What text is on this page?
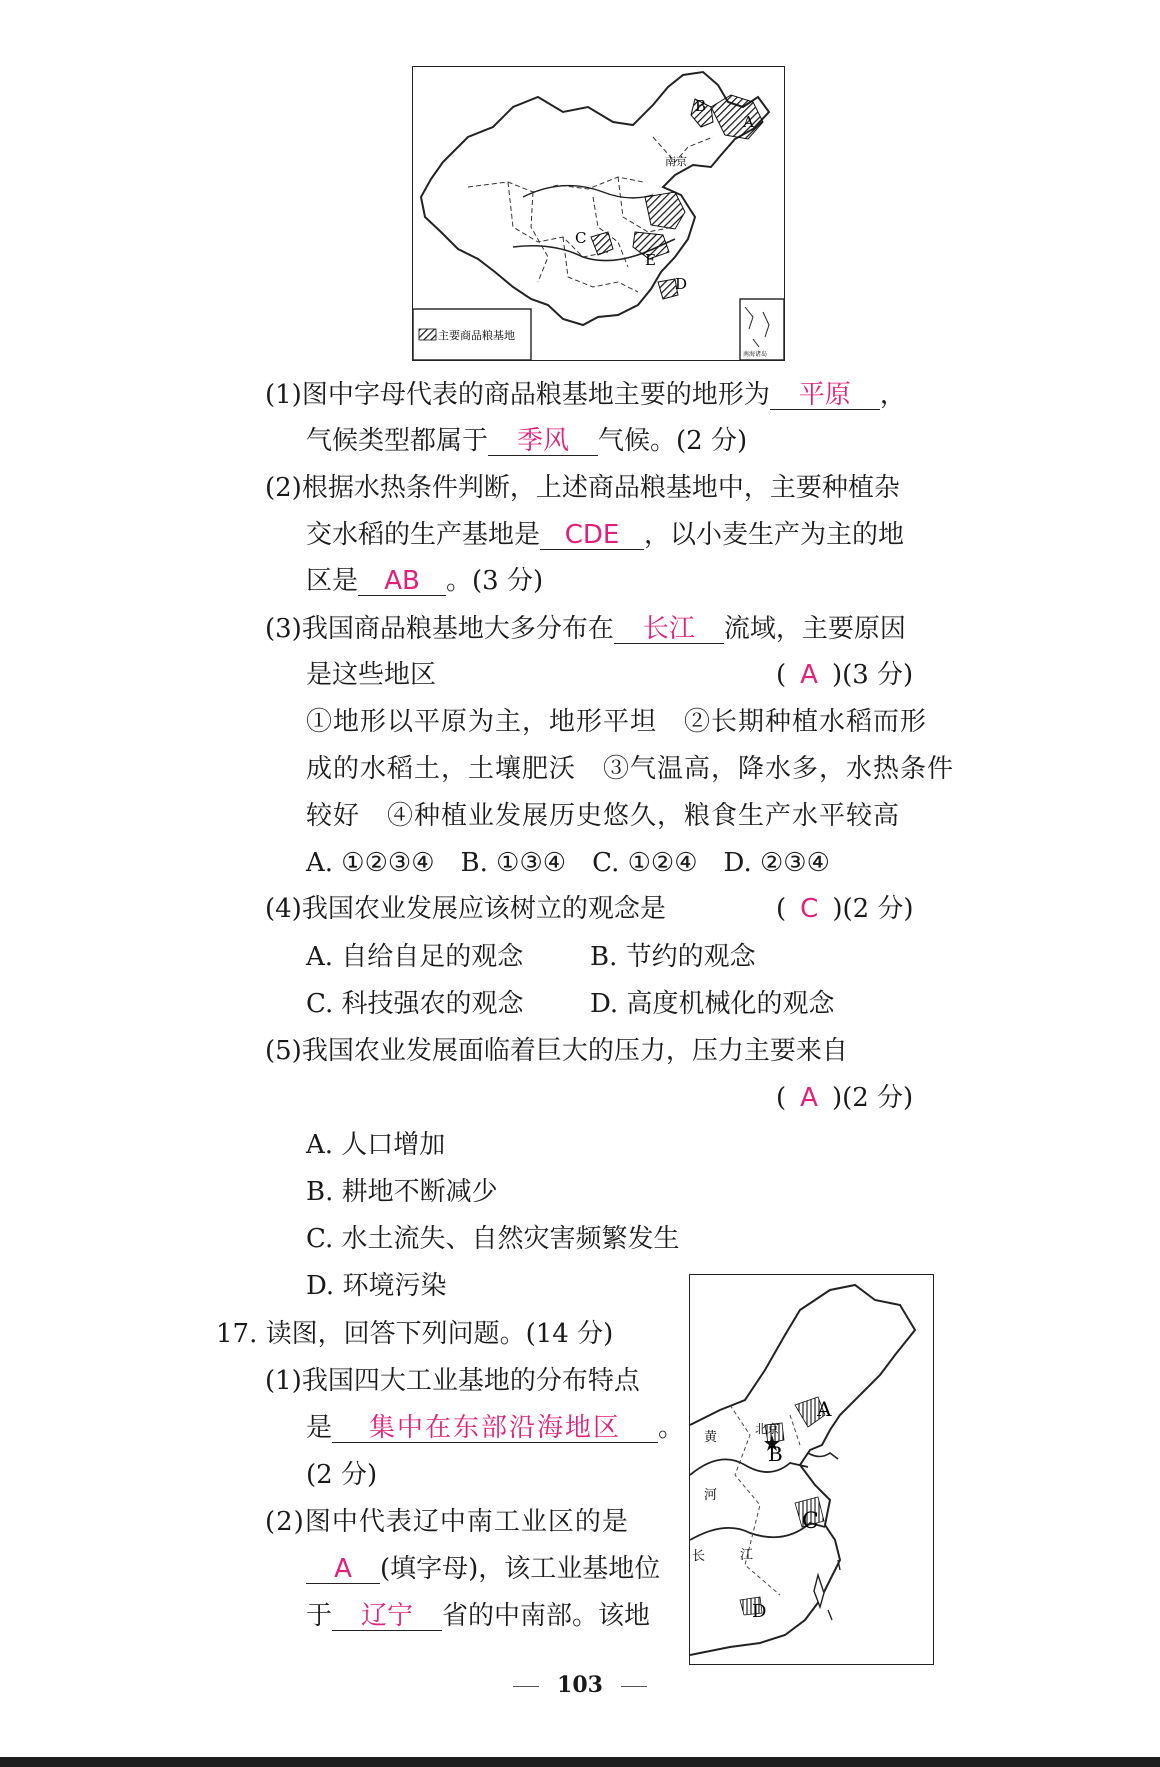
B
A
C
E
D
南京
主要商品粮基地
南海诸岛
(1)图中字母代表的商品粮基地主要的地形为 平原 ，
气候类型都属于 季风 气候。(2 分)
(2)根据水热条件判断，上述商品粮基地中，主要种植杂
交水稻的生产基地是 CDE ，以小麦生产为主的地
区是 AB 。(3 分)
(3)我国商品粮基地大多分布在 长江 流域，主要原因
是这些地区	( A )(3 分)
①地形以平原为主，地形平坦　②长期种植水稻而形
成的水稻土，土壤肥沃　③气温高，降水多，水热条件
较好　④种植业发展历史悠久，粮食生产水平较高
A. ①②③④　B. ①③④　C. ①②④　D. ②③④
(4)我国农业发展应该树立的观念是	( C )(2 分)
A. 自给自足的观念	B. 节约的观念
C. 科技强农的观念	D. 高度机械化的观念
(5)我国农业发展面临着巨大的压力，压力主要来自
( A )(2 分)
A. 人口增加
B. 耕地不断减少
C. 水土流失、自然灾害频繁发生
D. 环境污染
17. 读图，回答下列问题。(14 分)
(1)我国四大工业基地的分布特点
是 集中在东部沿海地区 。
(2 分)
(2)图中代表辽中南工业区的是
A (填字母)，该工业基地位
于 辽宁 省的中南部。该地
A
B
C
D
北京
黄
河
长	江
103
